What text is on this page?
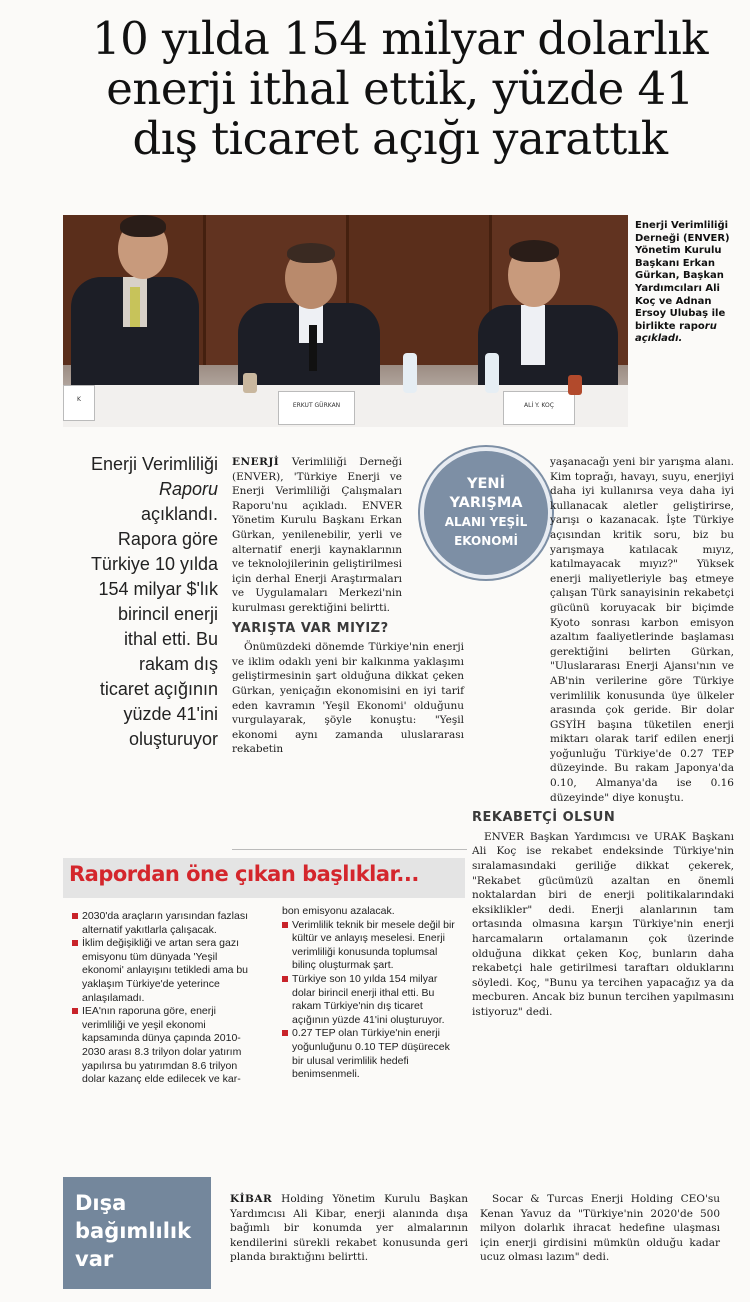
10 yılda 154 milyar dolarlık
enerji ithal ettik, yüzde 41
dış ticaret açığı yarattık
K
ERKUT GÜRKAN	ALİ Y. KOÇ
Enerji Verimliliği Derneği (ENVER) Yönetim Kurulu Başkanı Erkan Gürkan, Başkan Yardımcıları Ali Koç ve Adnan Ersoy Ulubaş ile birlikte raporu açıkladı.
Enerji Verimliliği
Raporu
açıklandı.
Rapora göre
Türkiye 10 yılda
154 milyar $'lık
birincil enerji
ithal etti. Bu
rakam dış
ticaret açığının
yüzde 41'ini
oluşturuyor
ENERJİ Verimliliği Derneği (ENVER), 'Türkiye Enerji ve Enerji Verimliliği Çalışmaları Raporu'nu açıkladı. ENVER Yönetim Kurulu Başkanı Erkan Gürkan, yenilenebilir, yerli ve alternatif enerji kaynaklarının ve teknolojilerinin geliştirilmesi için derhal Enerji Araştırmaları ve Uygulamaları Merkezi'nin kurulması gerektiğini belirtti.
YARIŞTA VAR MIYIZ?
Önümüzdeki dönemde Türkiye'nin enerji ve iklim odaklı yeni bir kalkınma yaklaşımı geliştirmesinin şart olduğuna dikkat çeken Gürkan, yeniçağın ekonomisini en iyi tarif eden kavramın 'Yeşil Ekonomi' olduğunu vurgulayarak, şöyle konuştu: "Yeşil ekonomi aynı zamanda uluslararası rekabetin
YENİ
YARIŞMA
ALANI YEŞİL
EKONOMİ
yaşanacağı yeni bir yarışma alanı. Kim toprağı, havayı, suyu, enerjiyi daha iyi kullanırsa veya daha iyi kullanacak aletler geliştirirse, yarışı o kazanacak. İşte Türkiye açısından kritik soru, biz bu yarışmaya katılacak mıyız, katılmayacak mıyız?" Yüksek enerji maliyetleriyle baş etmeye çalışan Türk sanayisinin rekabetçi gücünü koruyacak bir biçimde Kyoto sonrası karbon emisyon azaltım faaliyetlerinde başlaması gerektiğini belirten Gürkan, "Uluslararası Enerji Ajansı'nın ve AB'nin verilerine göre Türkiye verimlilik konusunda üye ülkeler arasında çok geride. Bir dolar GSYİH başına tüketilen enerji miktarı olarak tarif edilen enerji yoğunluğu Türkiye'de 0.27 TEP düzeyinde. Bu rakam Japonya'da 0.10, Almanya'da ise 0.16 düzeyinde" diye konuştu.
REKABETÇİ OLSUN
ENVER Başkan Yardımcısı ve URAK Başkanı Ali Koç ise rekabet endeksinde Türkiye'nin sıralamasındaki geriliğe dikkat çekerek, "Rekabet gücümüzü azaltan en önemli noktalardan biri de enerji politikalarındaki eksiklikler" dedi. Enerji alanlarının tam ortasında olmasına karşın Türkiye'nin enerji harcamaların ortalamanın çok üzerinde olduğuna dikkat çeken Koç, bunların daha rekabetçi hale getirilmesi taraftarı olduklarını söyledi. Koç, "Bunu ya tercihen yapacağız ya da mecburen. Ancak biz bunun tercihen yapılmasını istiyoruz" dedi.
Rapordan öne çıkan başlıklar...
2030'da araçların yarısından fazlası alternatif yakıtlarla çalışacak.
İklim değişikliği ve artan sera gazı emisyonu tüm dünyada 'Yeşil ekonomi' anlayışını tetikledi ama bu yaklaşım Türkiye'de yeterince anlaşılamadı.
IEA'nın raporuna göre, enerji verimliliği ve yeşil ekonomi kapsamında dünya çapında 2010-2030 arası 8.3 trilyon dolar yatırım yapılırsa bu yatırımdan 8.6 trilyon dolar kazanç elde edilecek ve kar-
bon emisyonu azalacak.
Verimlilik teknik bir mesele değil bir kültür ve anlayış meselesi. Enerji verimliliği konusunda toplumsal bilinç oluşturmak şart.
Türkiye son 10 yılda 154 milyar dolar birincil enerji ithal etti. Bu rakam Türkiye'nin dış ticaret açığının yüzde 41'ini oluşturuyor.
0.27 TEP olan Türkiye'nin enerji yoğunluğunu 0.10 TEP düşürecek bir ulusal verimlilik hedefi benimsenmeli.
Dışa
bağımlılık
var
KİBAR Holding Yönetim Kurulu Başkan Yardımcısı Ali Kibar, enerji alanında dışa bağımlı bir konumda yer almalarının kendilerini sürekli rekabet konusunda geri planda bıraktığını belirtti.
Socar & Turcas Enerji Holding CEO'su Kenan Yavuz da "Türkiye'nin 2020'de 500 milyon dolarlık ihracat hedefine ulaşması için enerji girdisini mümkün olduğu kadar ucuz olması lazım" dedi.
